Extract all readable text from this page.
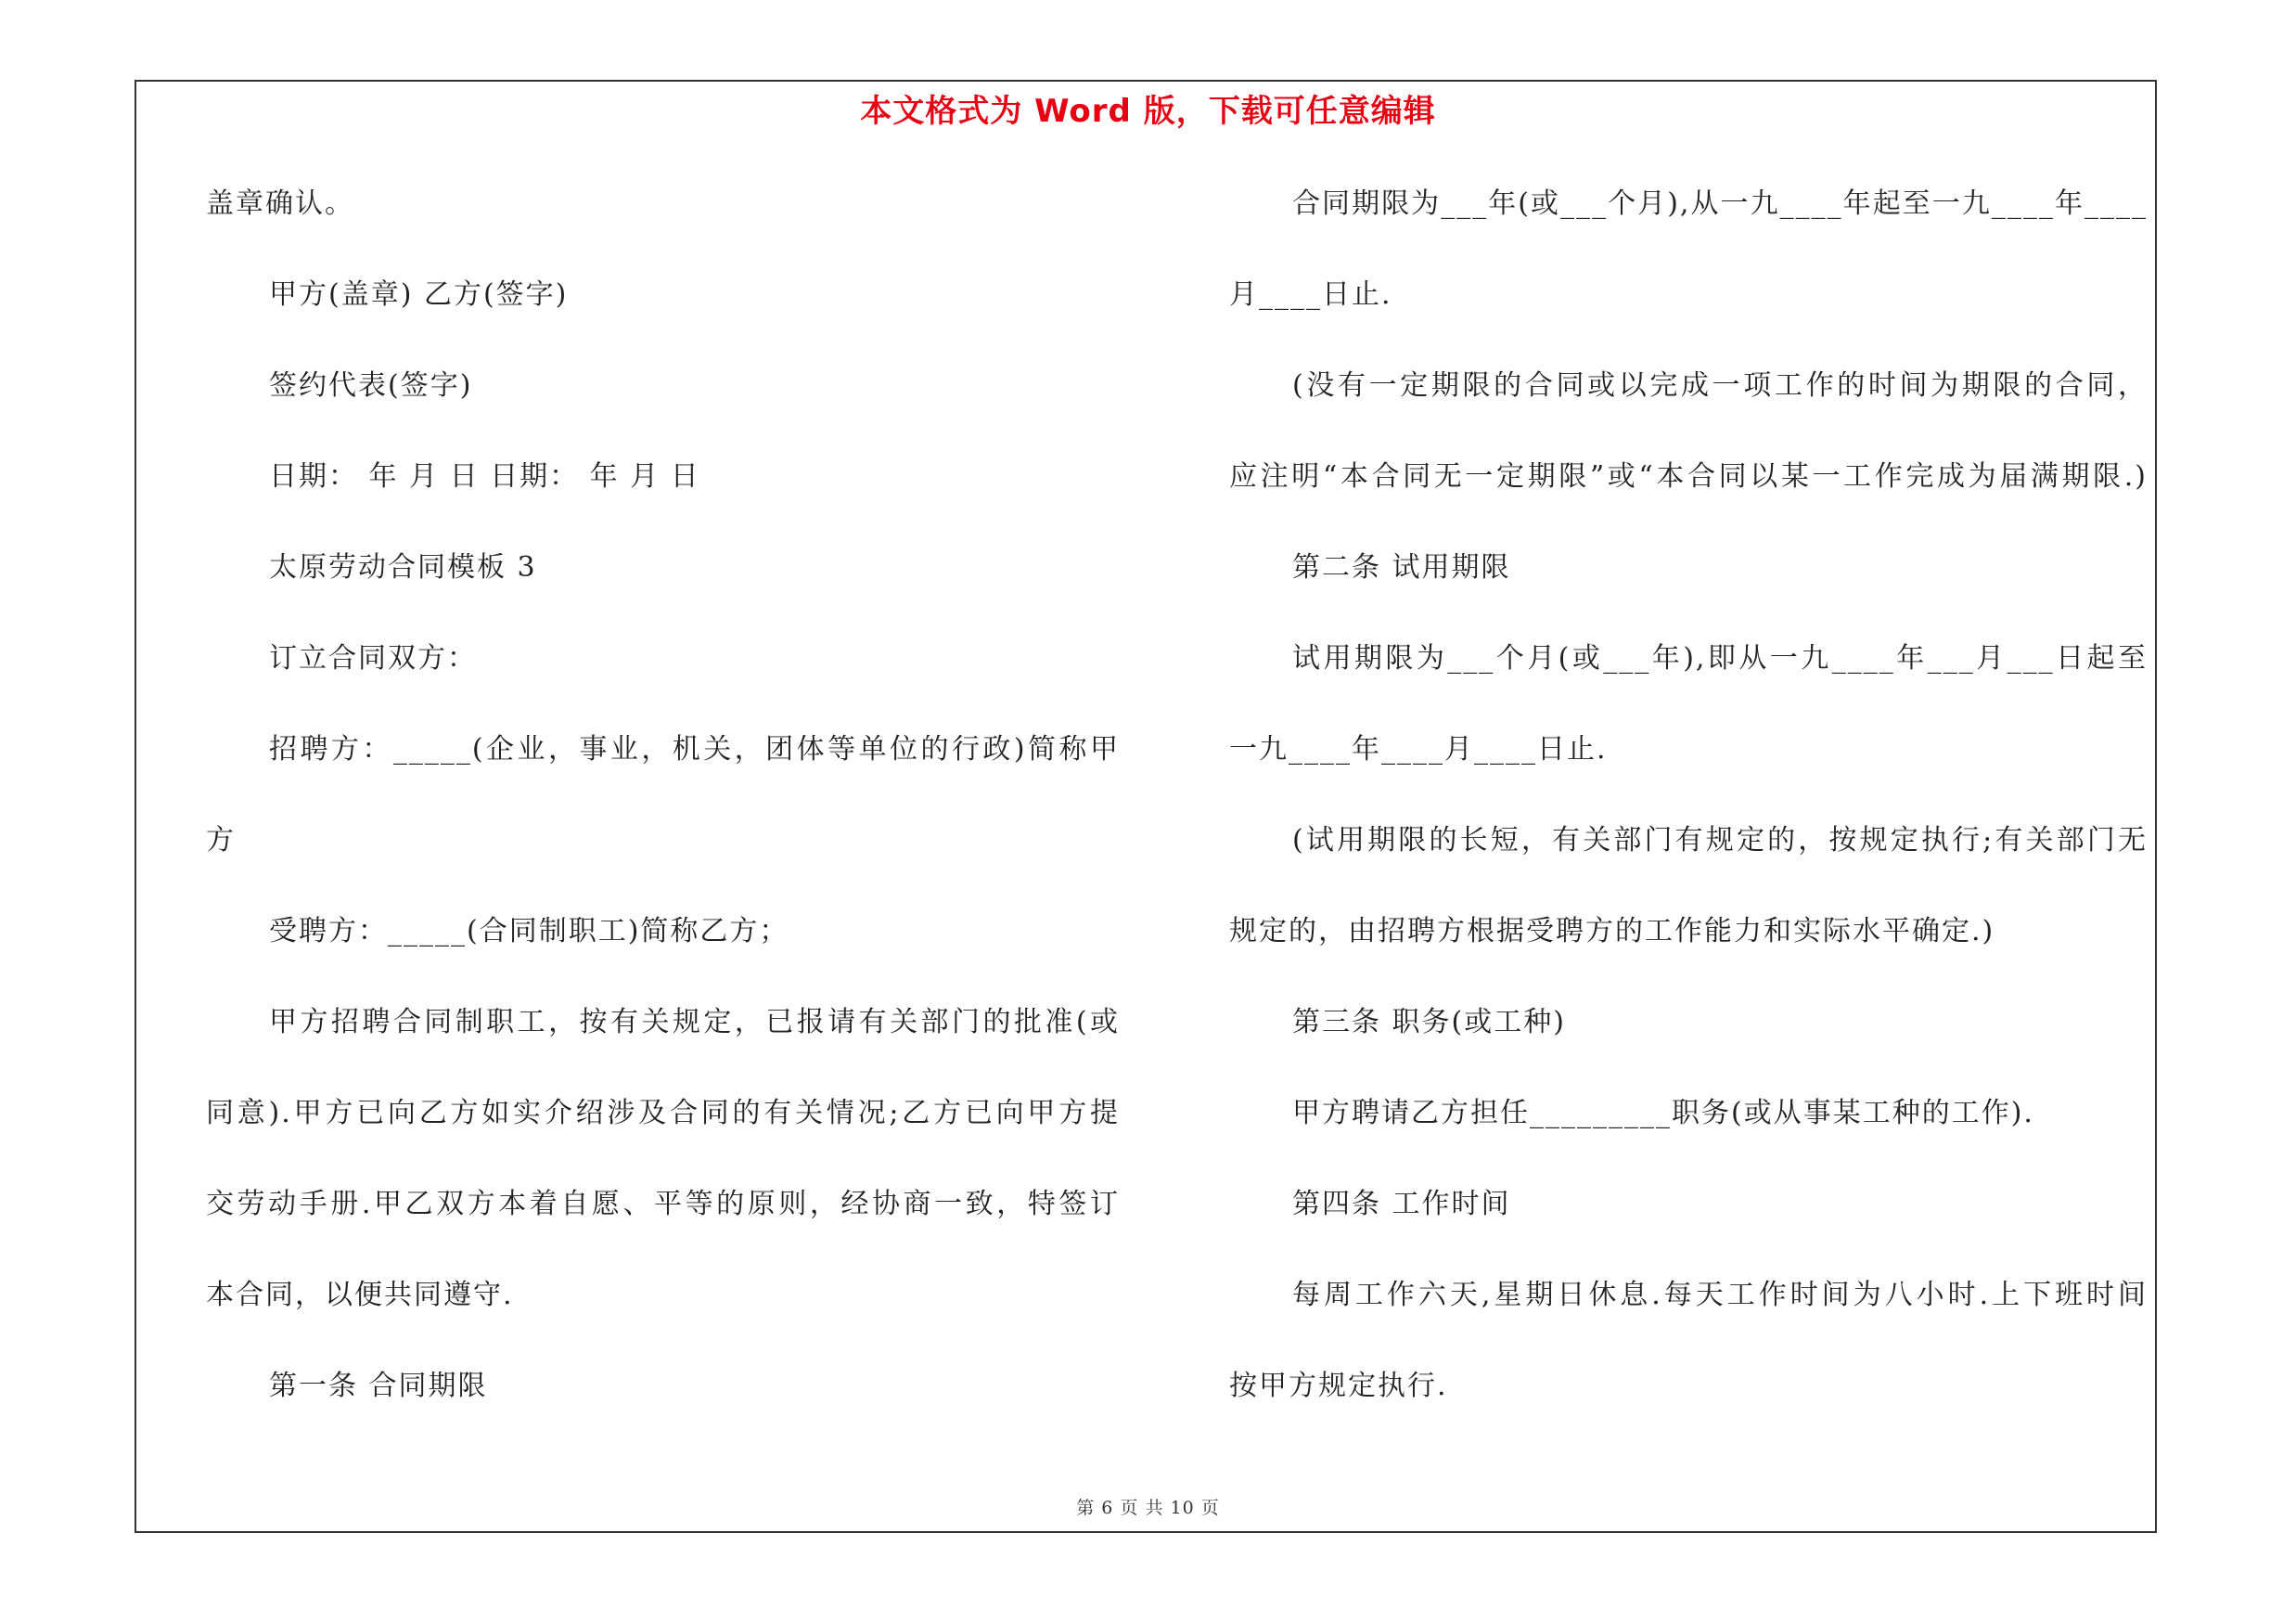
本文格式为 Word 版，下载可任意编辑
盖章确认。
甲方(盖章) 乙方(签字)
签约代表(签字)
日期： 年 月 日 日期： 年 月 日
太原劳动合同模板 3
订立合同双方：
招聘方：_____(企业，事业，机关，团体等单位的行政)简称甲
方
受聘方：_____(合同制职工)简称乙方；
甲方招聘合同制职工，按有关规定，已报请有关部门的批准(或
同意).甲方已向乙方如实介绍涉及合同的有关情况;乙方已向甲方提
交劳动手册.甲乙双方本着自愿、平等的原则，经协商一致，特签订
本合同，以便共同遵守.
第一条 合同期限
合同期限为___年(或___个月),从一九____年起至一九____年____
月____日止.
(没有一定期限的合同或以完成一项工作的时间为期限的合同，
应注明“本合同无一定期限”或“本合同以某一工作完成为届满期限.)
第二条 试用期限
试用期限为___个月(或___年),即从一九____年___月___日起至
一九____年____月____日止.
(试用期限的长短，有关部门有规定的，按规定执行;有关部门无
规定的，由招聘方根据受聘方的工作能力和实际水平确定.)
第三条 职务(或工种)
甲方聘请乙方担任_________职务(或从事某工种的工作).
第四条 工作时间
每周工作六天,星期日休息.每天工作时间为八小时.上下班时间
按甲方规定执行.
第 6 页 共 10 页
